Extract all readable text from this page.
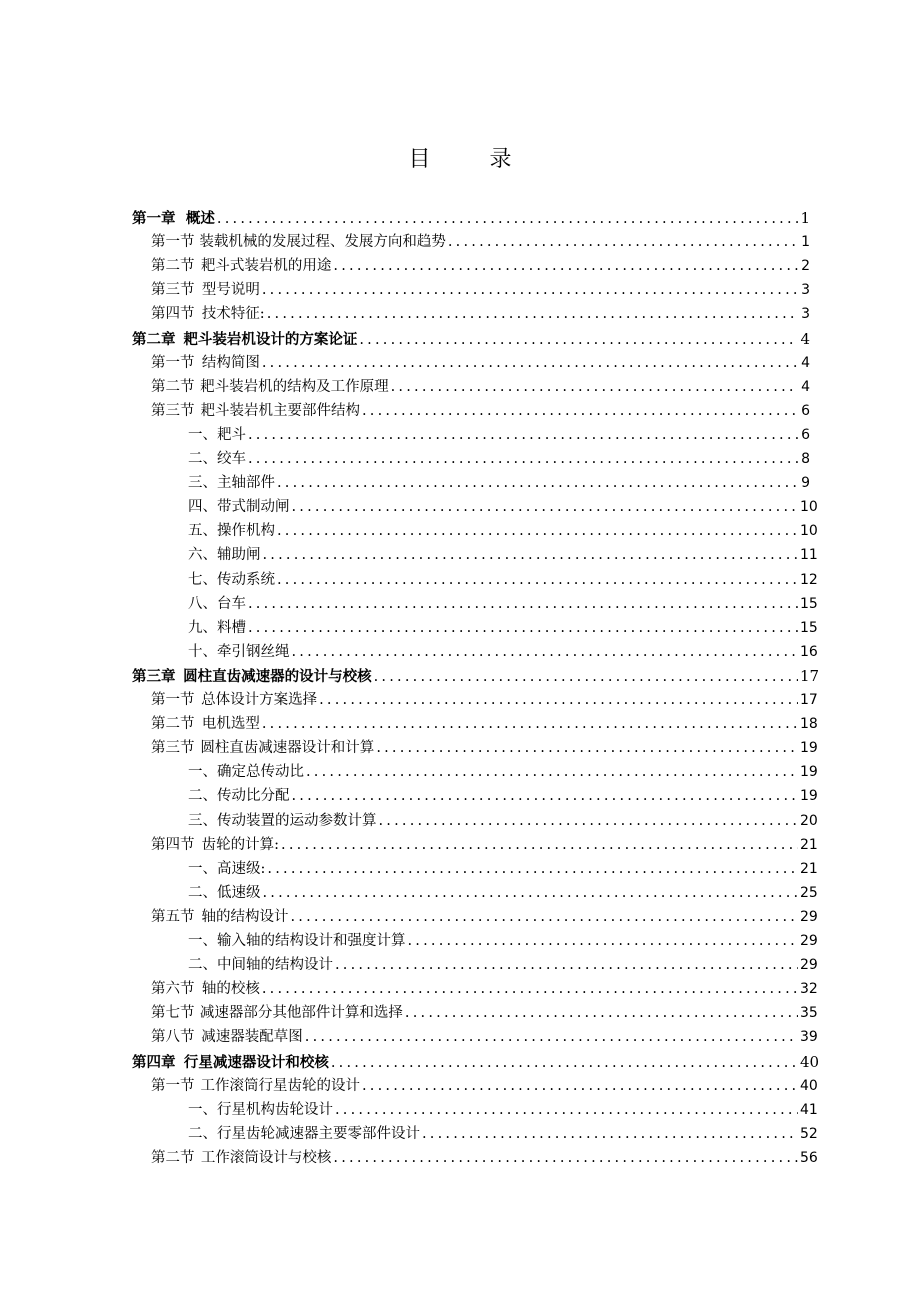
目 录
第一章 概述 .....	1
第一节 装载机械的发展过程、发展方向和趋势 .....	1
第二节 耙斗式装岩机的用途 .....	2
第三节 型号说明 .....	3
第四节 技术特征: .....	3
第二章 耙斗装岩机设计的方案论证 .....	4
第一节 结构简图 .....	4
第二节 耙斗装岩机的结构及工作原理 .....	4
第三节 耙斗装岩机主要部件结构 .....	6
一、耙斗 .....	6
二、绞车 .....	8
三、主轴部件 .....	9
四、带式制动闸 .....	10
五、操作机构 .....	10
六、辅助闸 .....	11
七、传动系统 .....	12
八、台车 .....	15
九、料槽 .....	15
十、牵引钢丝绳 .....	16
第三章 圆柱直齿减速器的设计与校核 .....	17
第一节 总体设计方案选择 .....	17
第二节 电机选型 .....	18
第三节 圆柱直齿减速器设计和计算 .....	19
一、确定总传动比 .....	19
二、传动比分配 .....	19
三、传动装置的运动参数计算 .....	20
第四节 齿轮的计算: .....	21
一、高速级: .....	21
二、低速级 .....	25
第五节 轴的结构设计 .....	29
一、输入轴的结构设计和强度计算 .....	29
二、中间轴的结构设计 .....	29
第六节 轴的校核 .....	32
第七节 减速器部分其他部件计算和选择 .....	35
第八节 减速器装配草图 .....	39
第四章 行星减速器设计和校核 .....	40
第一节 工作滚筒行星齿轮的设计 .....	40
一、行星机构齿轮设计 .....	41
二、行星齿轮减速器主要零部件设计 .....	52
第二节 工作滚筒设计与校核 .....	56
